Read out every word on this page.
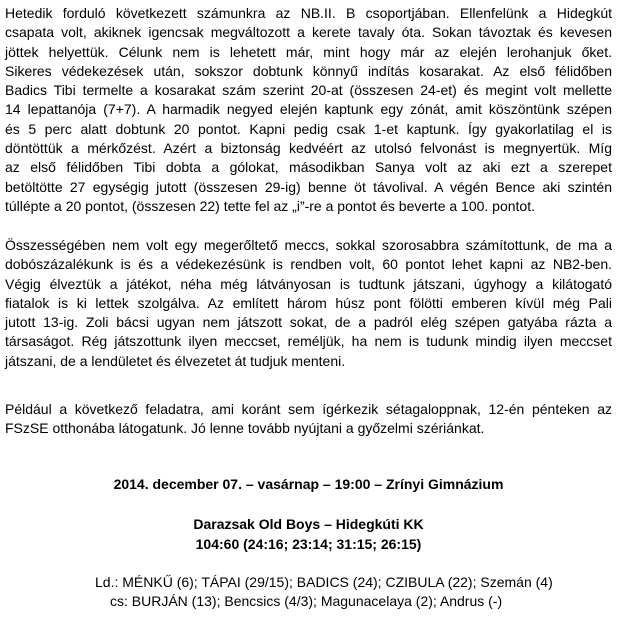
Hetedik forduló következett számunkra az NB.II. B csoportjában. Ellenfelünk a Hidegkút
csapata volt, akiknek igencsak megváltozott a kerete tavaly óta. Sokan távoztak és kevesen
jöttek helyettük. Célunk nem is lehetett már, mint hogy már az elején lerohanjuk őket.
Sikeres védekezések után, sokszor dobtunk könnyű indítás kosarakat. Az első félidőben
Badics Tibi termelte a kosarakat szám szerint 20-at (összesen 24-et) és megint volt mellette
14 lepattanója (7+7). A harmadik negyed elején kaptunk egy zónát, amit köszöntünk szépen
és 5 perc alatt dobtunk 20 pontot. Kapni pedig csak 1-et kaptunk. Így gyakorlatilag el is
döntöttük a mérkőzést. Azért a biztonság kedvéért az utolsó felvonást is megnyertük. Míg
az első félidőben Tibi dobta a gólokat, másodikban Sanya volt az aki ezt a szerepet
betöltötte 27 egységig jutott (összesen 29-ig) benne öt távolival. A végén Bence aki szintén
túllépte a 20 pontot, (összesen 22) tette fel az „i”-re a pontot és beverte a 100. pontot.
Összességében nem volt egy megerőltető meccs, sokkal szorosabbra számítottunk, de ma a
dobószázalékunk is és a védekezésünk is rendben volt, 60 pontot lehet kapni az NB2-ben.
Végig élveztük a játékot, néha még látványosan is tudtunk játszani, úgyhogy a kilátogató
fiatalok is ki lettek szolgálva. Az említett három húsz pont fölötti emberen kívül még Pali
jutott 13-ig. Zoli bácsi ugyan nem játszott sokat, de a padról elég szépen gatyába rázta a
társaságot. Rég játszottunk ilyen meccset, reméljük, ha nem is tudunk mindig ilyen meccset
játszani, de a lendületet és élvezetet át tudjuk menteni.
Például a következő feladatra, ami koránt sem ígérkezik sétagaloppnak, 12-én pénteken az
FSzSE otthonába látogatunk. Jó lenne tovább nyújtani a győzelmi szériánkat.

2014. december 07. – vasárnap – 19:00 – Zrínyi Gimnázium

Darazsak Old Boys – Hidegkúti KK

104:60 (24:16; 23:14; 31:15; 26:15)

Ld.: MÉNKŰ (6); TÁPAI (29/15); BADICS (24); CZIBULA (22); Szemán (4)

cs: BURJÁN (13); Bencsics (4/3); Magunacelaya (2); Andrus (-)
